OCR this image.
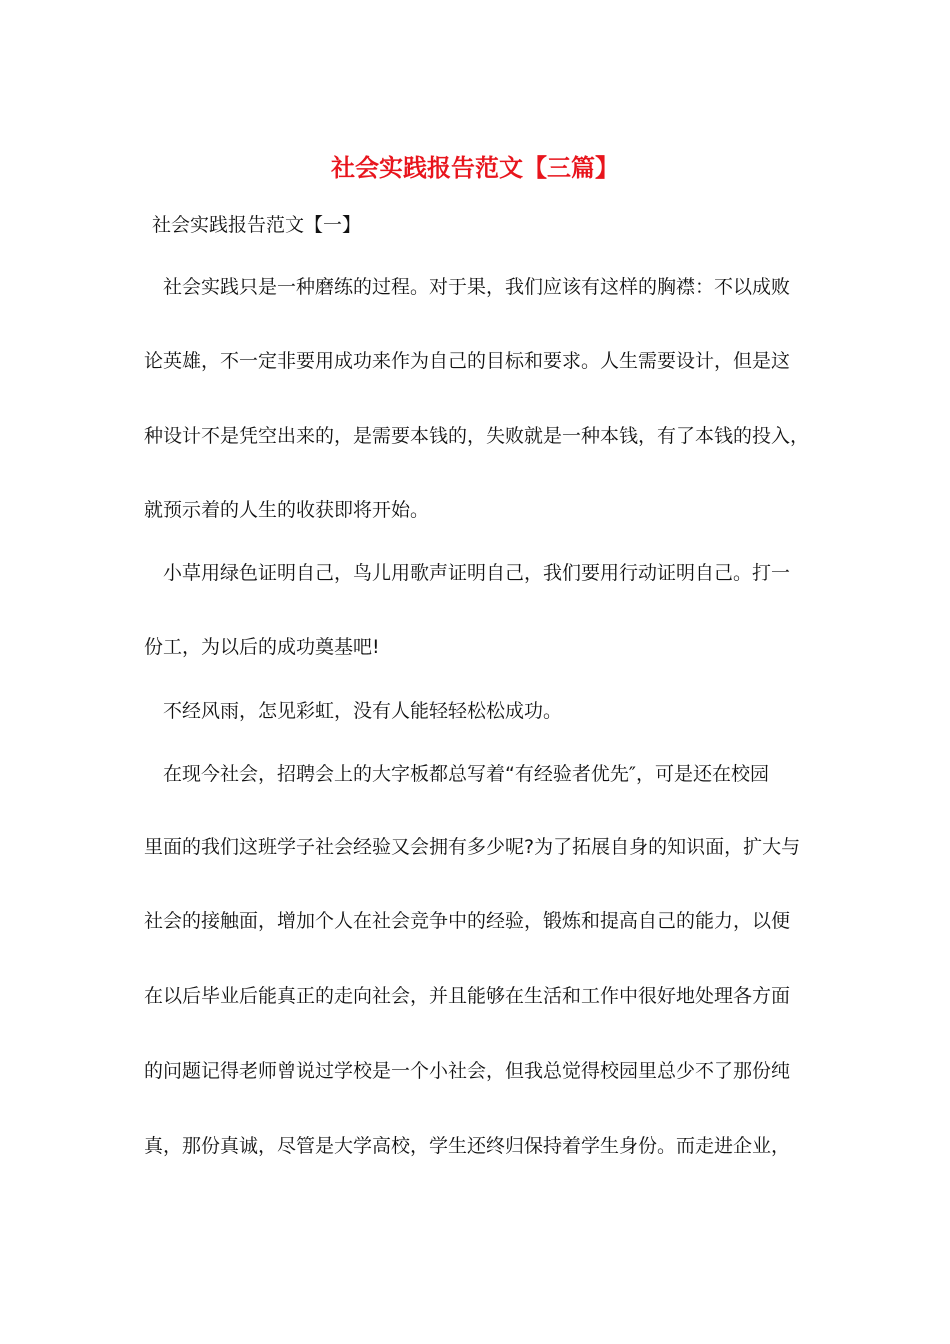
社会实践报告范文【三篇】

社会实践报告范文【一】

社会实践只是一种磨练的过程。对于果，我们应该有这样的胸襟：不以成败

论英雄，不一定非要用成功来作为自己的目标和要求。人生需要设计，但是这

种设计不是凭空出来的，是需要本钱的，失败就是一种本钱，有了本钱的投入，

就预示着的人生的收获即将开始。

小草用绿色证明自己，鸟儿用歌声证明自己，我们要用行动证明自己。打一

份工，为以后的成功奠基吧!

不经风雨，怎见彩虹，没有人能轻轻松松成功。

在现今社会，招聘会上的大字板都总写着“有经验者优先″，可是还在校园

里面的我们这班学子社会经验又会拥有多少呢?为了拓展自身的知识面，扩大与

社会的接触面，增加个人在社会竞争中的经验，锻炼和提高自己的能力，以便

在以后毕业后能真正的走向社会，并且能够在生活和工作中很好地处理各方面

的问题记得老师曾说过学校是一个小社会，但我总觉得校园里总少不了那份纯

真，那份真诚，尽管是大学高校，学生还终归保持着学生身份。而走进企业，
